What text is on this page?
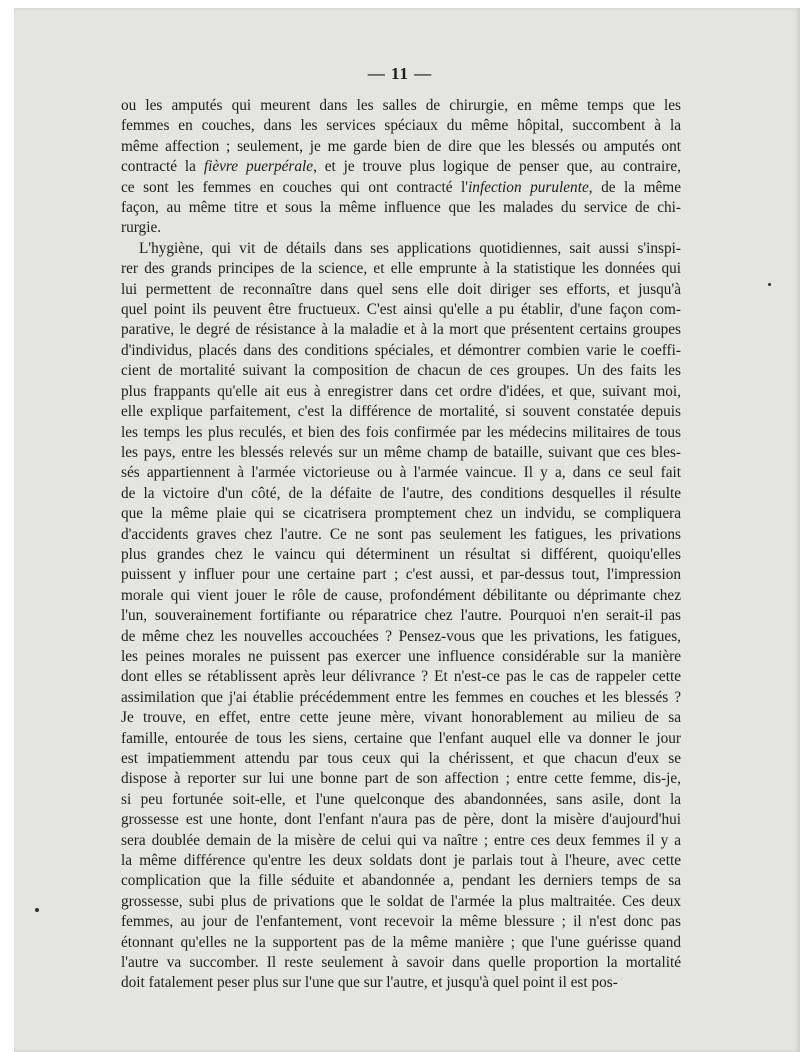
— 11 —

ou les amputés qui meurent dans les salles de chirurgie, en même temps que les
femmes en couches, dans les services spéciaux du même hôpital, succombent à la
même affection ; seulement, je me garde bien de dire que les blessés ou amputés ont
contracté la fièvre puerpérale, et je trouve plus logique de penser que, au contraire,
ce sont les femmes en couches qui ont contracté l'infection purulente, de la même
façon, au même titre et sous la même influence que les malades du service de chi-
rurgie.

L'hygiène, qui vit de détails dans ses applications quotidiennes, sait aussi s'inspi-
rer des grands principes de la science, et elle emprunte à la statistique les données qui
lui permettent de reconnaître dans quel sens elle doit diriger ses efforts, et jusqu'à
quel point ils peuvent être fructueux. C'est ainsi qu'elle a pu établir, d'une façon com-
parative, le degré de résistance à la maladie et à la mort que présentent certains groupes
d'individus, placés dans des conditions spéciales, et démontrer combien varie le coeffi-
cient de mortalité suivant la composition de chacun de ces groupes. Un des faits les
plus frappants qu'elle ait eus à enregistrer dans cet ordre d'idées, et que, suivant moi,
elle explique parfaitement, c'est la différence de mortalité, si souvent constatée depuis
les temps les plus reculés, et bien des fois confirmée par les médecins militaires de tous
les pays, entre les blessés relevés sur un même champ de bataille, suivant que ces bles-
sés appartiennent à l'armée victorieuse ou à l'armée vaincue. Il y a, dans ce seul fait
de la victoire d'un côté, de la défaite de l'autre, des conditions desquelles il résulte
que la même plaie qui se cicatrisera promptement chez un indvidu, se compliquera
d'accidents graves chez l'autre. Ce ne sont pas seulement les fatigues, les privations
plus grandes chez le vaincu qui déterminent un résultat si différent, quoiqu'elles
puissent y influer pour une certaine part ; c'est aussi, et par-dessus tout, l'impression
morale qui vient jouer le rôle de cause, profondément débilitante ou déprimante chez
l'un, souverainement fortifiante ou réparatrice chez l'autre. Pourquoi n'en serait-il pas
de même chez les nouvelles accouchées ? Pensez-vous que les privations, les fatigues,
les peines morales ne puissent pas exercer une influence considérable sur la manière
dont elles se rétablissent après leur délivrance ? Et n'est-ce pas le cas de rappeler cette
assimilation que j'ai établie précédemment entre les femmes en couches et les blessés ?
Je trouve, en effet, entre cette jeune mère, vivant honorablement au milieu de sa
famille, entourée de tous les siens, certaine que l'enfant auquel elle va donner le jour
est impatiemment attendu par tous ceux qui la chérissent, et que chacun d'eux se
dispose à reporter sur lui une bonne part de son affection ; entre cette femme, dis-je,
si peu fortunée soit-elle, et l'une quelconque des abandonnées, sans asile, dont la
grossesse est une honte, dont l'enfant n'aura pas de père, dont la misère d'aujourd'hui
sera doublée demain de la misère de celui qui va naître ; entre ces deux femmes il y a
la même différence qu'entre les deux soldats dont je parlais tout à l'heure, avec cette
complication que la fille séduite et abandonnée a, pendant les derniers temps de sa
grossesse, subi plus de privations que le soldat de l'armée la plus maltraitée. Ces deux
femmes, au jour de l'enfantement, vont recevoir la même blessure ; il n'est donc pas
étonnant qu'elles ne la supportent pas de la même manière ; que l'une guérisse quand
l'autre va succomber. Il reste seulement à savoir dans quelle proportion la mortalité
doit fatalement peser plus sur l'une que sur l'autre, et jusqu'à quel point il est pos-
